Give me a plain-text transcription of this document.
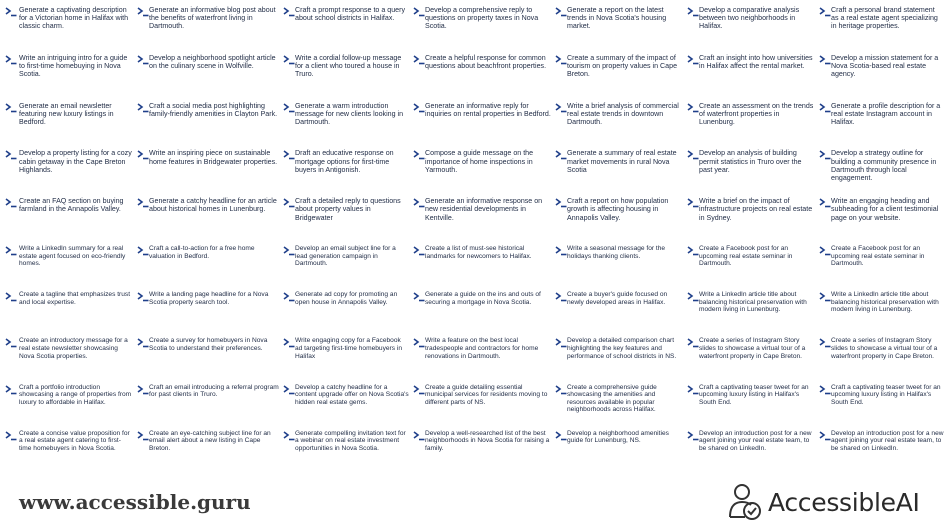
Generate a captivating description for a Victorian home in Halifax with classic charm.
Generate an informative blog post about the benefits of waterfront living in Dartmouth.
Craft a prompt response to a query about school districts in Halifax.
Develop a comprehensive reply to questions on property taxes in Nova Scotia.
Generate a report on the latest trends in Nova Scotia's housing market.
Develop a comparative analysis between two neighborhoods in Halifax.
Craft a personal brand statement as a real estate agent specializing in heritage properties.
Write an intriguing intro for a guide to first-time homebuying in Nova Scotia.
Develop a neighborhood spotlight article on the culinary scene in Wolfville.
Write a cordial follow-up message for a client who toured a house in Truro.
Create a helpful response for common questions about beachfront properties.
Create a summary of the impact of tourism on property values in Cape Breton.
Craft an insight into how universities in Halifax affect the rental market.
Develop a mission statement for a Nova Scotia-based real estate agency.
Generate an email newsletter featuring new luxury listings in Bedford.
Craft a social media post highlighting family-friendly amenities in Clayton Park.
Generate a warm introduction message for new clients looking in Dartmouth.
Generate an informative reply for inquiries on rental properties in Bedford.
Write a brief analysis of commercial real estate trends in downtown Dartmouth.
Create an assessment on the trends of waterfront properties in Lunenburg.
Generate a profile description for a real estate Instagram account in Halifax.
Develop a property listing for a cozy cabin getaway in the Cape Breton Highlands.
Write an inspiring piece on sustainable home features in Bridgewater properties.
Draft an educative response on mortgage options for first-time buyers in Antigonish.
Compose a guide message on the importance of home inspections in Yarmouth.
Generate a summary of real estate market movements in rural Nova Scotia
Develop an analysis of building permit statistics in Truro over the past year.
Develop a strategy outline for building a community presence in Dartmouth through local engagement.
Create an FAQ section on buying farmland in the Annapolis Valley.
Generate a catchy headline for an article about historical homes in Lunenburg.
Craft a detailed reply to questions about property values in Bridgewater
Generate an informative response on new residential developments in Kentville.
Craft a report on how population growth is affecting housing in Annapolis Valley.
Write a brief on the impact of infrastructure projects on real estate in Sydney.
Write an engaging heading and subheading for a client testimonial page on your website.
Write a LinkedIn summary for a real estate agent focused on eco-friendly homes.
Craft a call-to-action for a free home valuation in Bedford.
Develop an email subject line for a lead generation campaign in Dartmouth.
Create a list of must-see historical landmarks for newcomers to Halifax.
Write a seasonal message for the holidays thanking clients.
Create a Facebook post for an upcoming real estate seminar in Dartmouth.
Create a Facebook post for an upcoming real estate seminar in Dartmouth.
Create a tagline that emphasizes trust and local expertise.
Write a landing page headline for a Nova Scotia property search tool.
Generate ad copy for promoting an open house in Annapolis Valley.
Generate a guide on the ins and outs of securing a mortgage in Nova Scotia.
Create a buyer's guide focused on newly developed areas in Halifax.
Write a LinkedIn article title about balancing historical preservation with modern living in Lunenburg.
Write a LinkedIn article title about balancing historical preservation with modern living in Lunenburg.
Create an introductory message for a real estate newsletter showcasing Nova Scotia properties.
Create a survey for homebuyers in Nova Scotia to understand their preferences.
Write engaging copy for a Facebook ad targeting first-time homebuyers in Halifax
Write a feature on the best local tradespeople and contractors for home renovations in Dartmouth.
Develop a detailed comparison chart highlighting the key features and performance of school districts in NS.
Create a series of Instagram Story slides to showcase a virtual tour of a waterfront property in Cape Breton.
Create a series of Instagram Story slides to showcase a virtual tour of a waterfront property in Cape Breton.
Craft a portfolio introduction showcasing a range of properties from luxury to affordable in Halifax.
Craft an email introducing a referral program for past clients in Truro.
Develop a catchy headline for a content upgrade offer on Nova Scotia's hidden real estate gems.
Create a guide detailing essential municipal services for residents moving to different parts of NS.
Create a comprehensive guide showcasing the amenities and resources available in popular neighborhoods across Halifax.
Craft a captivating teaser tweet for an upcoming luxury listing in Halifax's South End.
Craft a captivating teaser tweet for an upcoming luxury listing in Halifax's South End.
Create a concise value proposition for a real estate agent catering to first-time homebuyers in Nova Scotia.
Create an eye-catching subject line for an email alert about a new listing in Cape Breton.
Generate compelling invitation text for a webinar on real estate investment opportunities in Nova Scotia.
Develop a well-researched list of the best neighborhoods in Nova Scotia for raising a family.
Develop a neighborhood amenities guide for Lunenburg, NS.
Develop an introduction post for a new agent joining your real estate team, to be shared on LinkedIn.
Develop an introduction post for a new agent joining your real estate team, to be shared on LinkedIn.
www.accessible.guru	AccessibleAI
